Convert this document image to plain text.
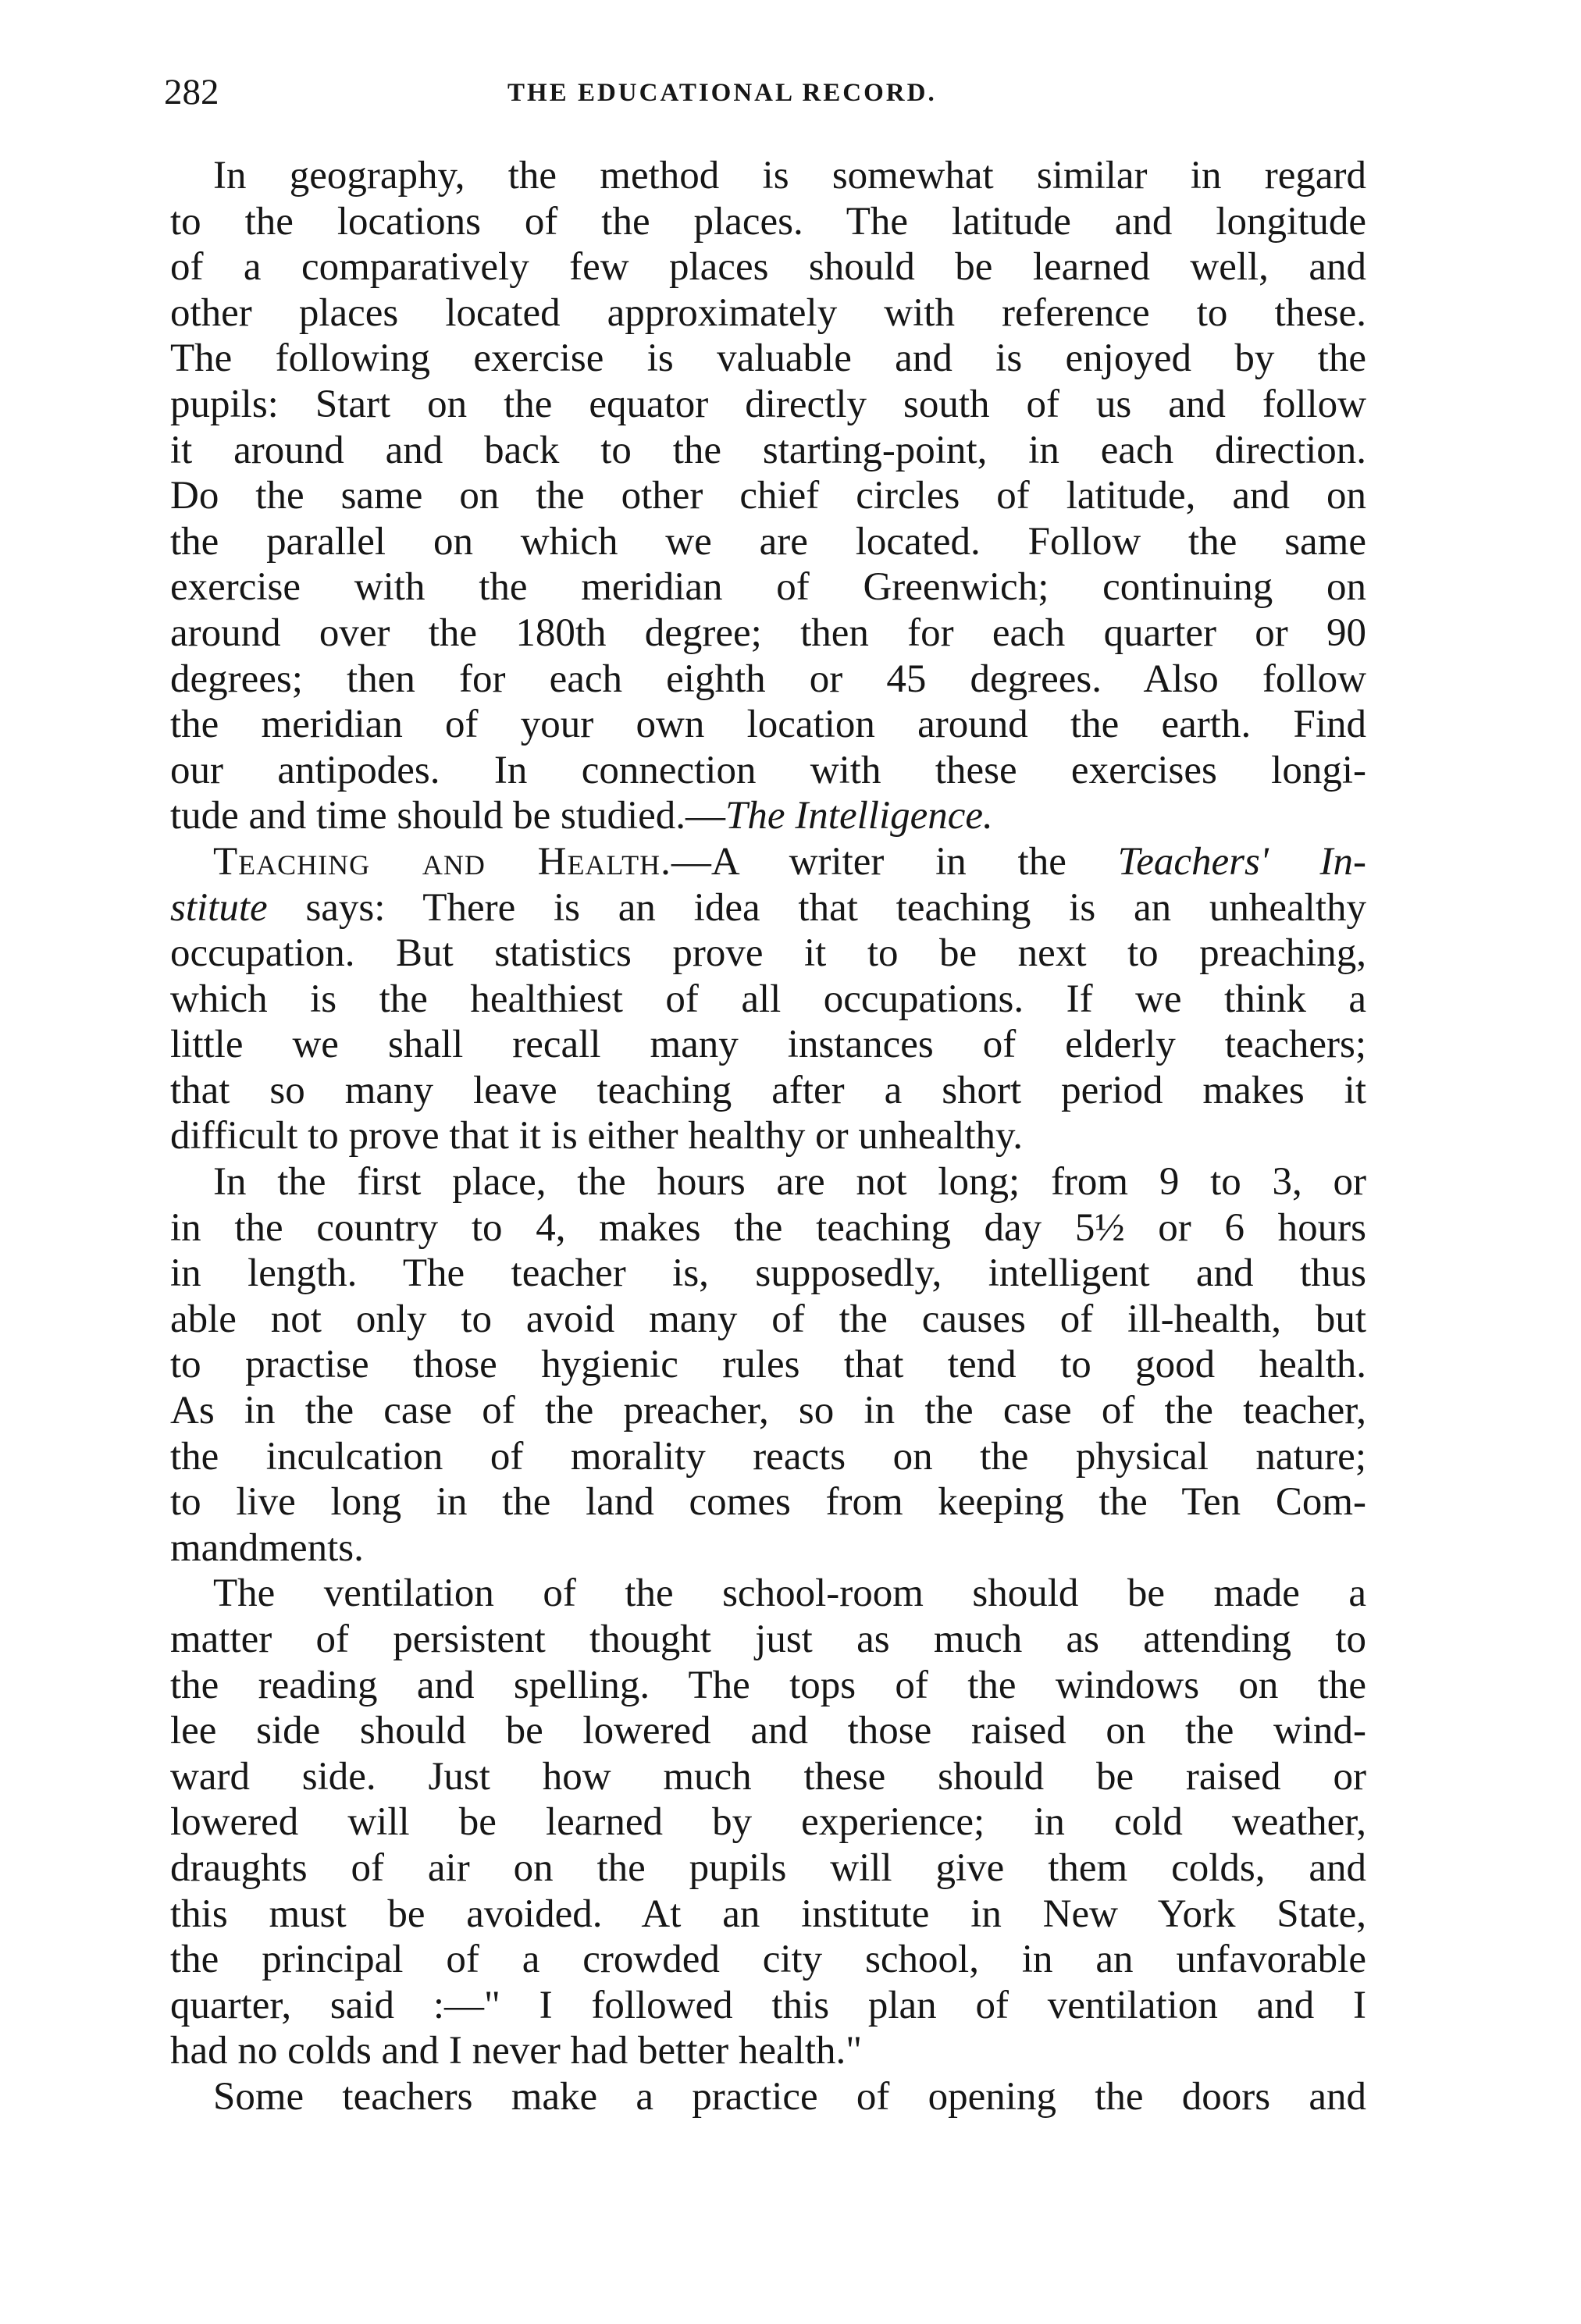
282	THE EDUCATIONAL RECORD.

In geography, the method is somewhat similar in regard
to the locations of the places. The latitude and longitude
of a comparatively few places should be learned well, and
other places located approximately with reference to these.
The following exercise is valuable and is enjoyed by the
pupils: Start on the equator directly south of us and follow
it around and back to the starting-point, in each direction.
Do the same on the other chief circles of latitude, and on
the parallel on which we are located. Follow the same
exercise with the meridian of Greenwich; continuing on
around over the 180th degree; then for each quarter or 90
degrees; then for each eighth or 45 degrees. Also follow
the meridian of your own location around the earth. Find
our antipodes. In connection with these exercises longi-
tude and time should be studied.—The Intelligence.

Teaching and Health.—A writer in the Teachers' In-
stitute says: There is an idea that teaching is an unhealthy
occupation. But statistics prove it to be next to preaching,
which is the healthiest of all occupations. If we think a
little we shall recall many instances of elderly teachers;
that so many leave teaching after a short period makes it
difficult to prove that it is either healthy or unhealthy.

In the first place, the hours are not long; from 9 to 3, or
in the country to 4, makes the teaching day 5½ or 6 hours
in length. The teacher is, supposedly, intelligent and thus
able not only to avoid many of the causes of ill-health, but
to practise those hygienic rules that tend to good health.
As in the case of the preacher, so in the case of the teacher,
the inculcation of morality reacts on the physical nature;
to live long in the land comes from keeping the Ten Com-
mandments.

The ventilation of the school-room should be made a
matter of persistent thought just as much as attending to
the reading and spelling. The tops of the windows on the
lee side should be lowered and those raised on the wind-
ward side. Just how much these should be raised or
lowered will be learned by experience; in cold weather,
draughts of air on the pupils will give them colds, and
this must be avoided. At an institute in New York State,
the principal of a crowded city school, in an unfavorable
quarter, said :—" I followed this plan of ventilation and I
had no colds and I never had better health."

Some teachers make a practice of opening the doors and
